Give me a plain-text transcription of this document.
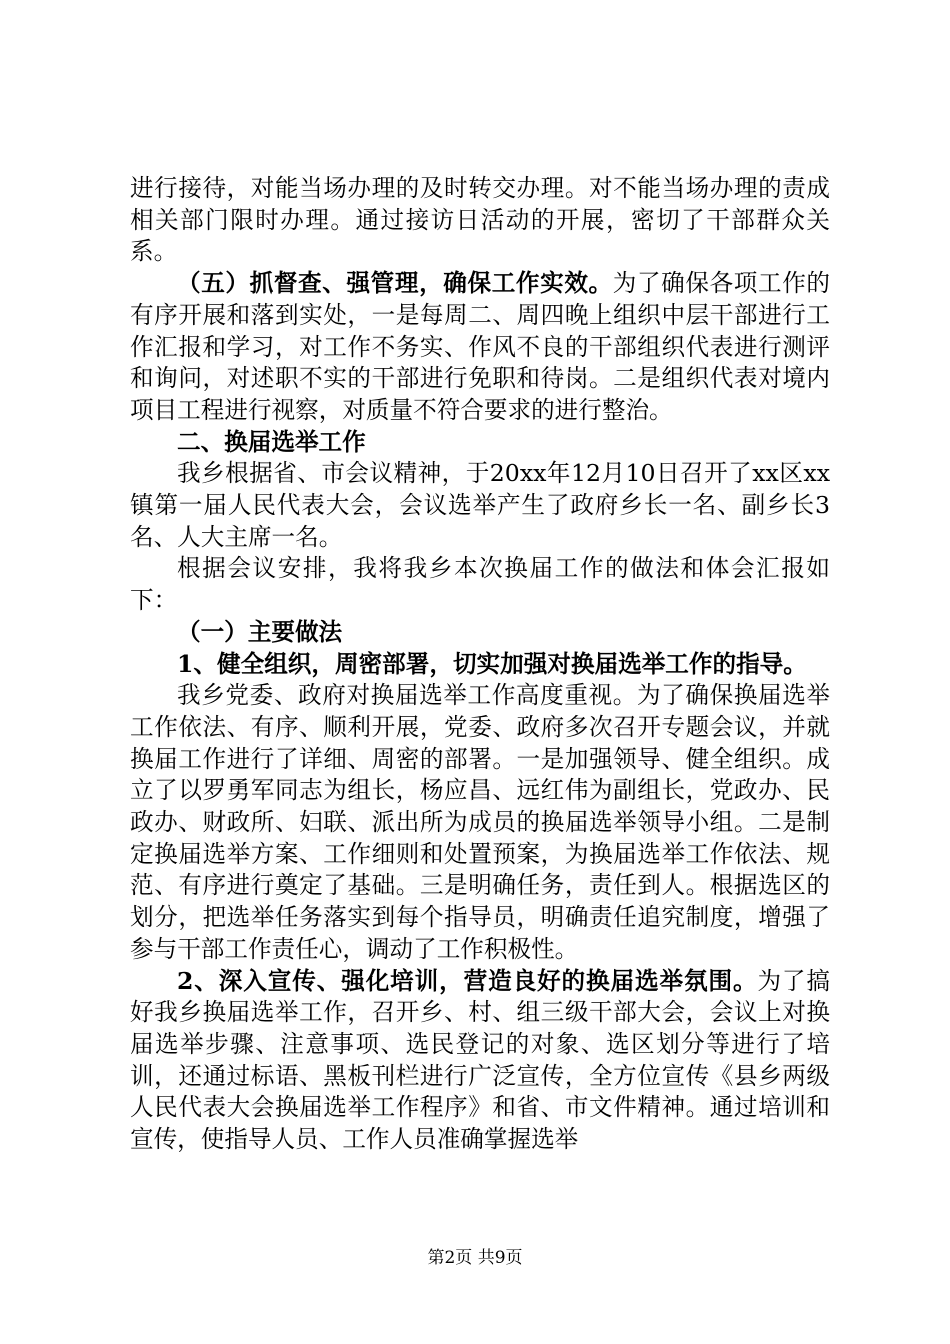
进行接待，对能当场办理的及时转交办理。对不能当场办理的责成相关部门限时办理。通过接访日活动的开展，密切了干部群众关系。

（五）抓督查、强管理，确保工作实效。为了确保各项工作的有序开展和落到实处，一是每周二、周四晚上组织中层干部进行工作汇报和学习，对工作不务实、作风不良的干部组织代表进行测评和询问，对述职不实的干部进行免职和待岗。二是组织代表对境内项目工程进行视察，对质量不符合要求的进行整治。

二、换届选举工作

我乡根据省、市会议精神，于20xx年12月10日召开了xx区xx镇第一届人民代表大会，会议选举产生了政府乡长一名、副乡长3名、人大主席一名。

根据会议安排，我将我乡本次换届工作的做法和体会汇报如下：

（一）主要做法

1、健全组织，周密部署，切实加强对换届选举工作的指导。

我乡党委、政府对换届选举工作高度重视。为了确保换届选举工作依法、有序、顺利开展，党委、政府多次召开专题会议，并就换届工作进行了详细、周密的部署。一是加强领导、健全组织。成立了以罗勇军同志为组长，杨应昌、远红伟为副组长，党政办、民政办、财政所、妇联、派出所为成员的换届选举领导小组。二是制定换届选举方案、工作细则和处置预案，为换届选举工作依法、规范、有序进行奠定了基础。三是明确任务，责任到人。根据选区的划分，把选举任务落实到每个指导员，明确责任追究制度，增强了参与干部工作责任心，调动了工作积极性。

2、深入宣传、强化培训，营造良好的换届选举氛围。为了搞好我乡换届选举工作，召开乡、村、组三级干部大会，会议上对换届选举步骤、注意事项、选民登记的对象、选区划分等进行了培训，还通过标语、黑板刊栏进行广泛宣传，全方位宣传《县乡两级人民代表大会换届选举工作程序》和省、市文件精神。通过培训和宣传，使指导人员、工作人员准确掌握选举

第2页 共9页
